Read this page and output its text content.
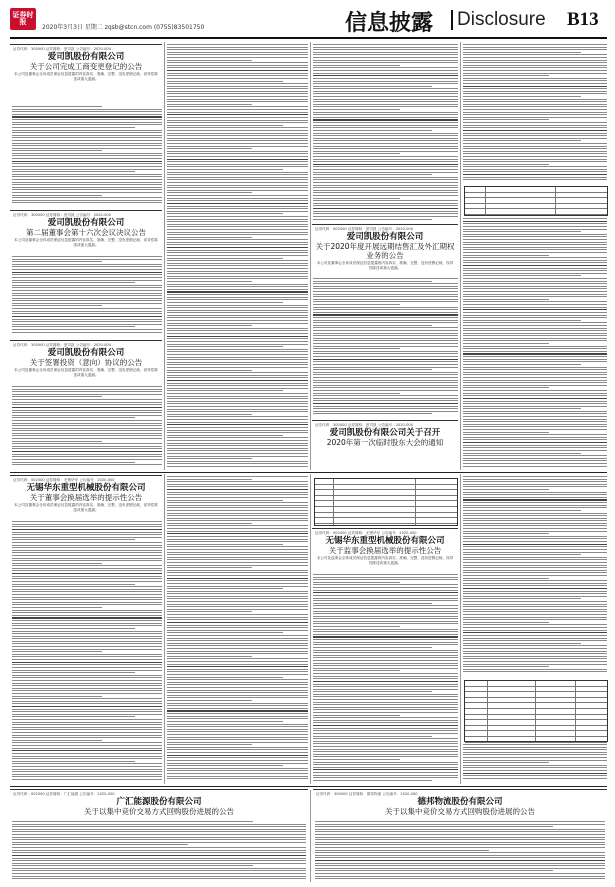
证券时报
2020年3月3日 星期二 zqsb@stcn.com (0755)83501750	信息披露 Disclosure B13
证券代码：300000 证券简称：爱司凯 公告编号：2020-000
爱司凯股份有限公司
关于公司完成工商变更登记的公告
本公司及董事会全体成员保证信息披露的内容真实、准确、完整，没有虚假记载、误导性陈述或重大遗漏。
证券代码：300000 证券简称：爱司凯 公告编号：2020-000
爱司凯股份有限公司
第二届董事会第十六次会议决议公告
本公司及董事会全体成员保证信息披露的内容真实、准确、完整，没有虚假记载、误导性陈述或重大遗漏。
证券代码：300000 证券简称：爱司凯 公告编号：2020-000
爱司凯股份有限公司
关于签署投资（意向）协议的公告
本公司及董事会全体成员保证信息披露的内容真实、准确、完整，没有虚假记载、误导性陈述或重大遗漏。
证券代码：002000 证券简称：爱司凯 公告编号：2020-000
爱司凯股份有限公司
关于2020年度开展远期结售汇及外汇期权业务的公告
本公司及董事会全体成员保证信息披露的内容真实、准确、完整，没有虚假记载、误导性陈述或重大遗漏。
证券代码：300000 证券简称：爱司凯 公告编号：2020-000
爱司凯股份有限公司关于召开
2020年第一次临时股东大会的通知
证券代码：002000 证券简称：无锡华东 公告编号：2020-000
无锡华东重型机械股份有限公司
关于董事会换届选举的提示性公告
本公司及董事会全体成员保证信息披露的内容真实、准确、完整，没有虚假记载、误导性陈述或重大遗漏。
证券代码：002000 证券简称：无锡华东 公告编号：2020-000
无锡华东重型机械股份有限公司
关于监事会换届选举的提示性公告
本公司及监事会全体成员保证信息披露的内容真实、准确、完整，没有虚假记载、误导性陈述或重大遗漏。
证券代码：002000 证券简称：广汇能源 公告编号：2020-000
广汇能源股份有限公司
关于以集中竞价交易方式回购股份进展的公告
证券代码：300000 证券简称：德邦物流 公告编号：2020-000
德邦物流股份有限公司
关于以集中竞价交易方式回购股份进展的公告
